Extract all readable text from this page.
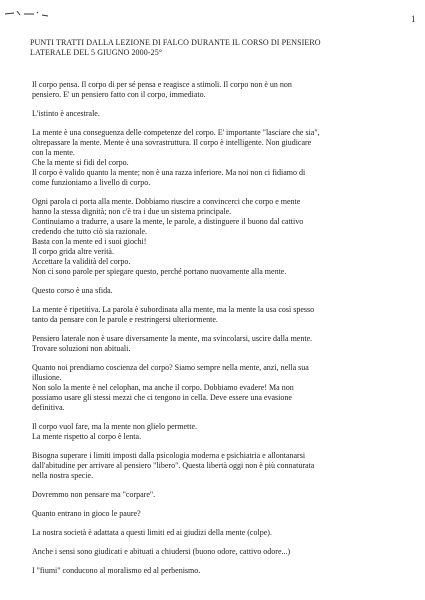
1
PUNTI TRATTI DALLA LEZIONE DI FALCO DURANTE IL CORSO DI PENSIERO
LATERALE DEL 5 GIUGNO 2000-25°
Il corpo pensa. Il corpo di per sé pensa e reagisce a stimoli. Il corpo non è un non
pensiero. E' un pensiero fatto con il corpo, immediato.
L'istinto è ancestrale.
La mente è una conseguenza delle competenze del corpo. E' importante "lasciare che sia",
oltrepassare la mente. Mente è una sovrastruttura. Il corpo è intelligente. Non giudicare
con la mente.
Che la mente si fidi del corpo.
Il corpo è valido quanto la mente; non è una razza inferiore. Ma noi non ci fidiamo di
come funzioniamo a livello di corpo.
Ogni parola ci porta alla mente. Dobbiamo riuscire a convincerci che corpo e mente
hanno la stessa dignità; non c'è tra i due un sistema principale.
Continuiamo a tradurre, a usare la mente, le parole, a distinguere il buono dal cattivo
credendo che tutto ciò sia razionale.
Basta con la mente ed i suoi giochi!
Il corpo grida altre verità.
Accettare la validità del corpo.
Non ci sono parole per spiegare questo, perché portano nuovamente alla mente.
Questo corso è una sfida.
La mente è ripetitiva. La parola è subordinata alla mente, ma la mente la usa così spesso
tanto da pensare con le parole e restringersi ulteriormente.
Pensiero laterale non è usare diversamente la mente, ma svincolarsi, uscire dalla mente.
Trovare soluzioni non abituali.
Quanto noi prendiamo coscienza del corpo? Siamo sempre nella mente, anzi, nella sua
illusione.
Non solo la mente è nel celophan, ma anche il corpo. Dobbiamo evadere! Ma non
possiamo usare gli stessi mezzi che ci tengono in cella. Deve essere una evasione
definitiva.
Il corpo vuol fare, ma la mente non glielo permette.
La mente rispetto al corpo è lenta.
Bisogna superare i limiti imposti dalla psicologia moderna e psichiatria e allontanarsi
dall'abitudine per arrivare al pensiero "libero". Questa libertà oggi non è più connaturata
nella nostra specie.
Dovremmo non pensare ma "corpare".
Quanto entrano in gioco le paure?
La nostra società è adattata a questi limiti ed ai giudizi della mente (colpe).
Anche i sensi sono giudicati e abituati a chiudersi (buono odore, cattivo odore...)
I "fiumi" conducono al moralismo ed al perbenismo.
